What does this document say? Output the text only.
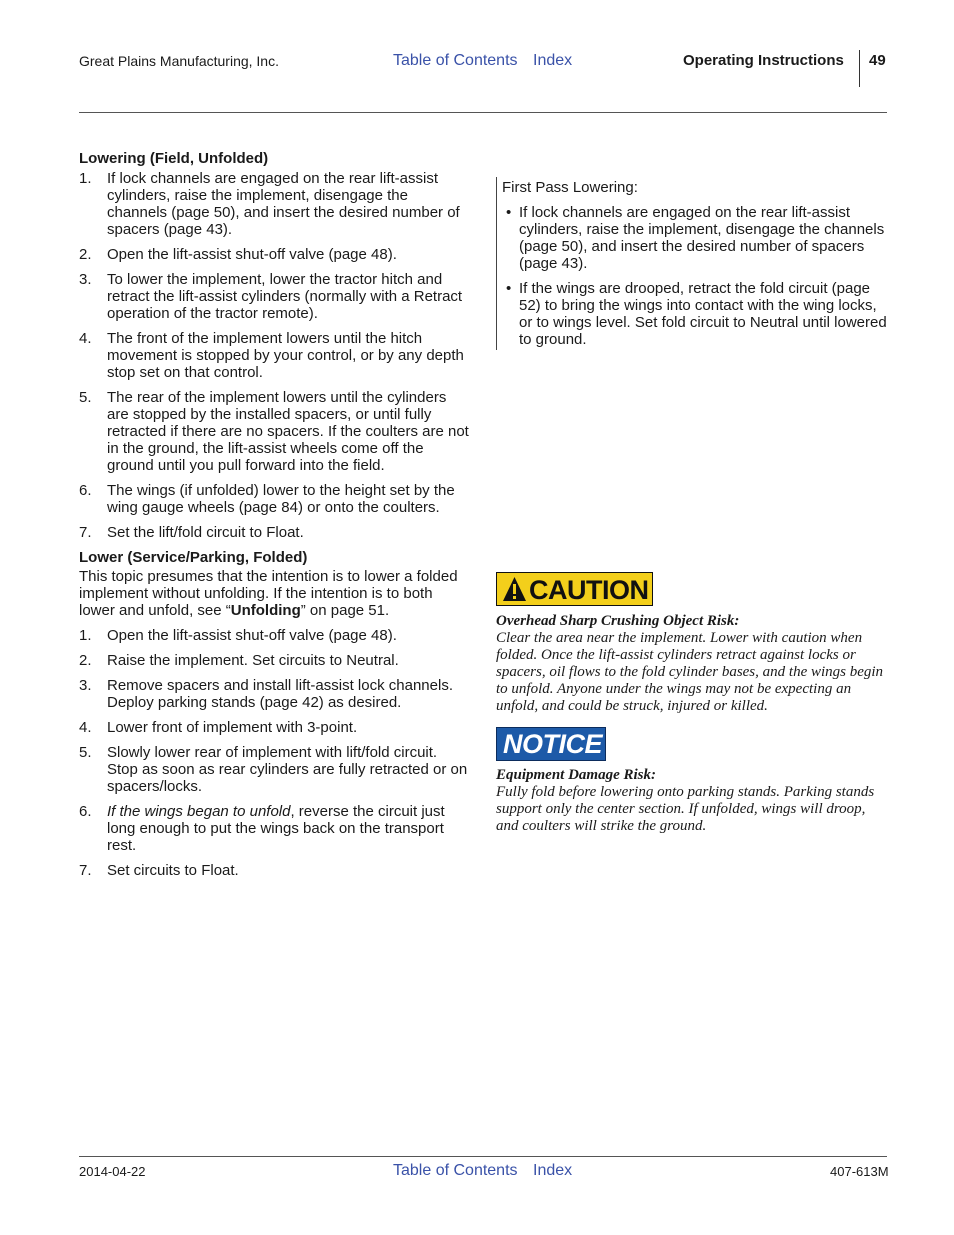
Great Plains Manufacturing, Inc.	Table of Contents Index	Operating Instructions 49
Lowering (Field, Unfolded)
1. If lock channels are engaged on the rear lift-assist cylinders, raise the implement, disengage the channels (page 50), and insert the desired number of spacers (page 43).
2. Open the lift-assist shut-off valve (page 48).
3. To lower the implement, lower the tractor hitch and retract the lift-assist cylinders (normally with a Retract operation of the tractor remote).
4. The front of the implement lowers until the hitch movement is stopped by your control, or by any depth stop set on that control.
5. The rear of the implement lowers until the cylinders are stopped by the installed spacers, or until fully retracted if there are no spacers. If the coulters are not in the ground, the lift-assist wheels come off the ground until you pull forward into the field.
6. The wings (if unfolded) lower to the height set by the wing gauge wheels (page 84) or onto the coulters.
7. Set the lift/fold circuit to Float.
Lower (Service/Parking, Folded)
This topic presumes that the intention is to lower a folded implement without unfolding. If the intention is to both lower and unfold, see “Unfolding” on page 51.
1. Open the lift-assist shut-off valve (page 48).
2. Raise the implement. Set circuits to Neutral.
3. Remove spacers and install lift-assist lock channels. Deploy parking stands (page 42) as desired.
4. Lower front of implement with 3-point.
5. Slowly lower rear of implement with lift/fold circuit. Stop as soon as rear cylinders are fully retracted or on spacers/locks.
6. If the wings began to unfold, reverse the circuit just long enough to put the wings back on the transport rest.
7. Set circuits to Float.
First Pass Lowering:
• If lock channels are engaged on the rear lift-assist cylinders, raise the implement, disengage the channels (page 50), and insert the desired number of spacers (page 43).
• If the wings are drooped, retract the fold circuit (page 52) to bring the wings into contact with the wing locks, or to wings level. Set fold circuit to Neutral until lowered to ground.
CAUTION
Overhead Sharp Crushing Object Risk:
Clear the area near the implement. Lower with caution when folded. Once the lift-assist cylinders retract against locks or spacers, oil flows to the fold cylinder bases, and the wings begin to unfold. Anyone under the wings may not be expecting an unfold, and could be struck, injured or killed.
NOTICE
Equipment Damage Risk:
Fully fold before lowering onto parking stands. Parking stands support only the center section. If unfolded, wings will droop, and coulters will strike the ground.
2014-04-22	Table of Contents Index	407-613M
